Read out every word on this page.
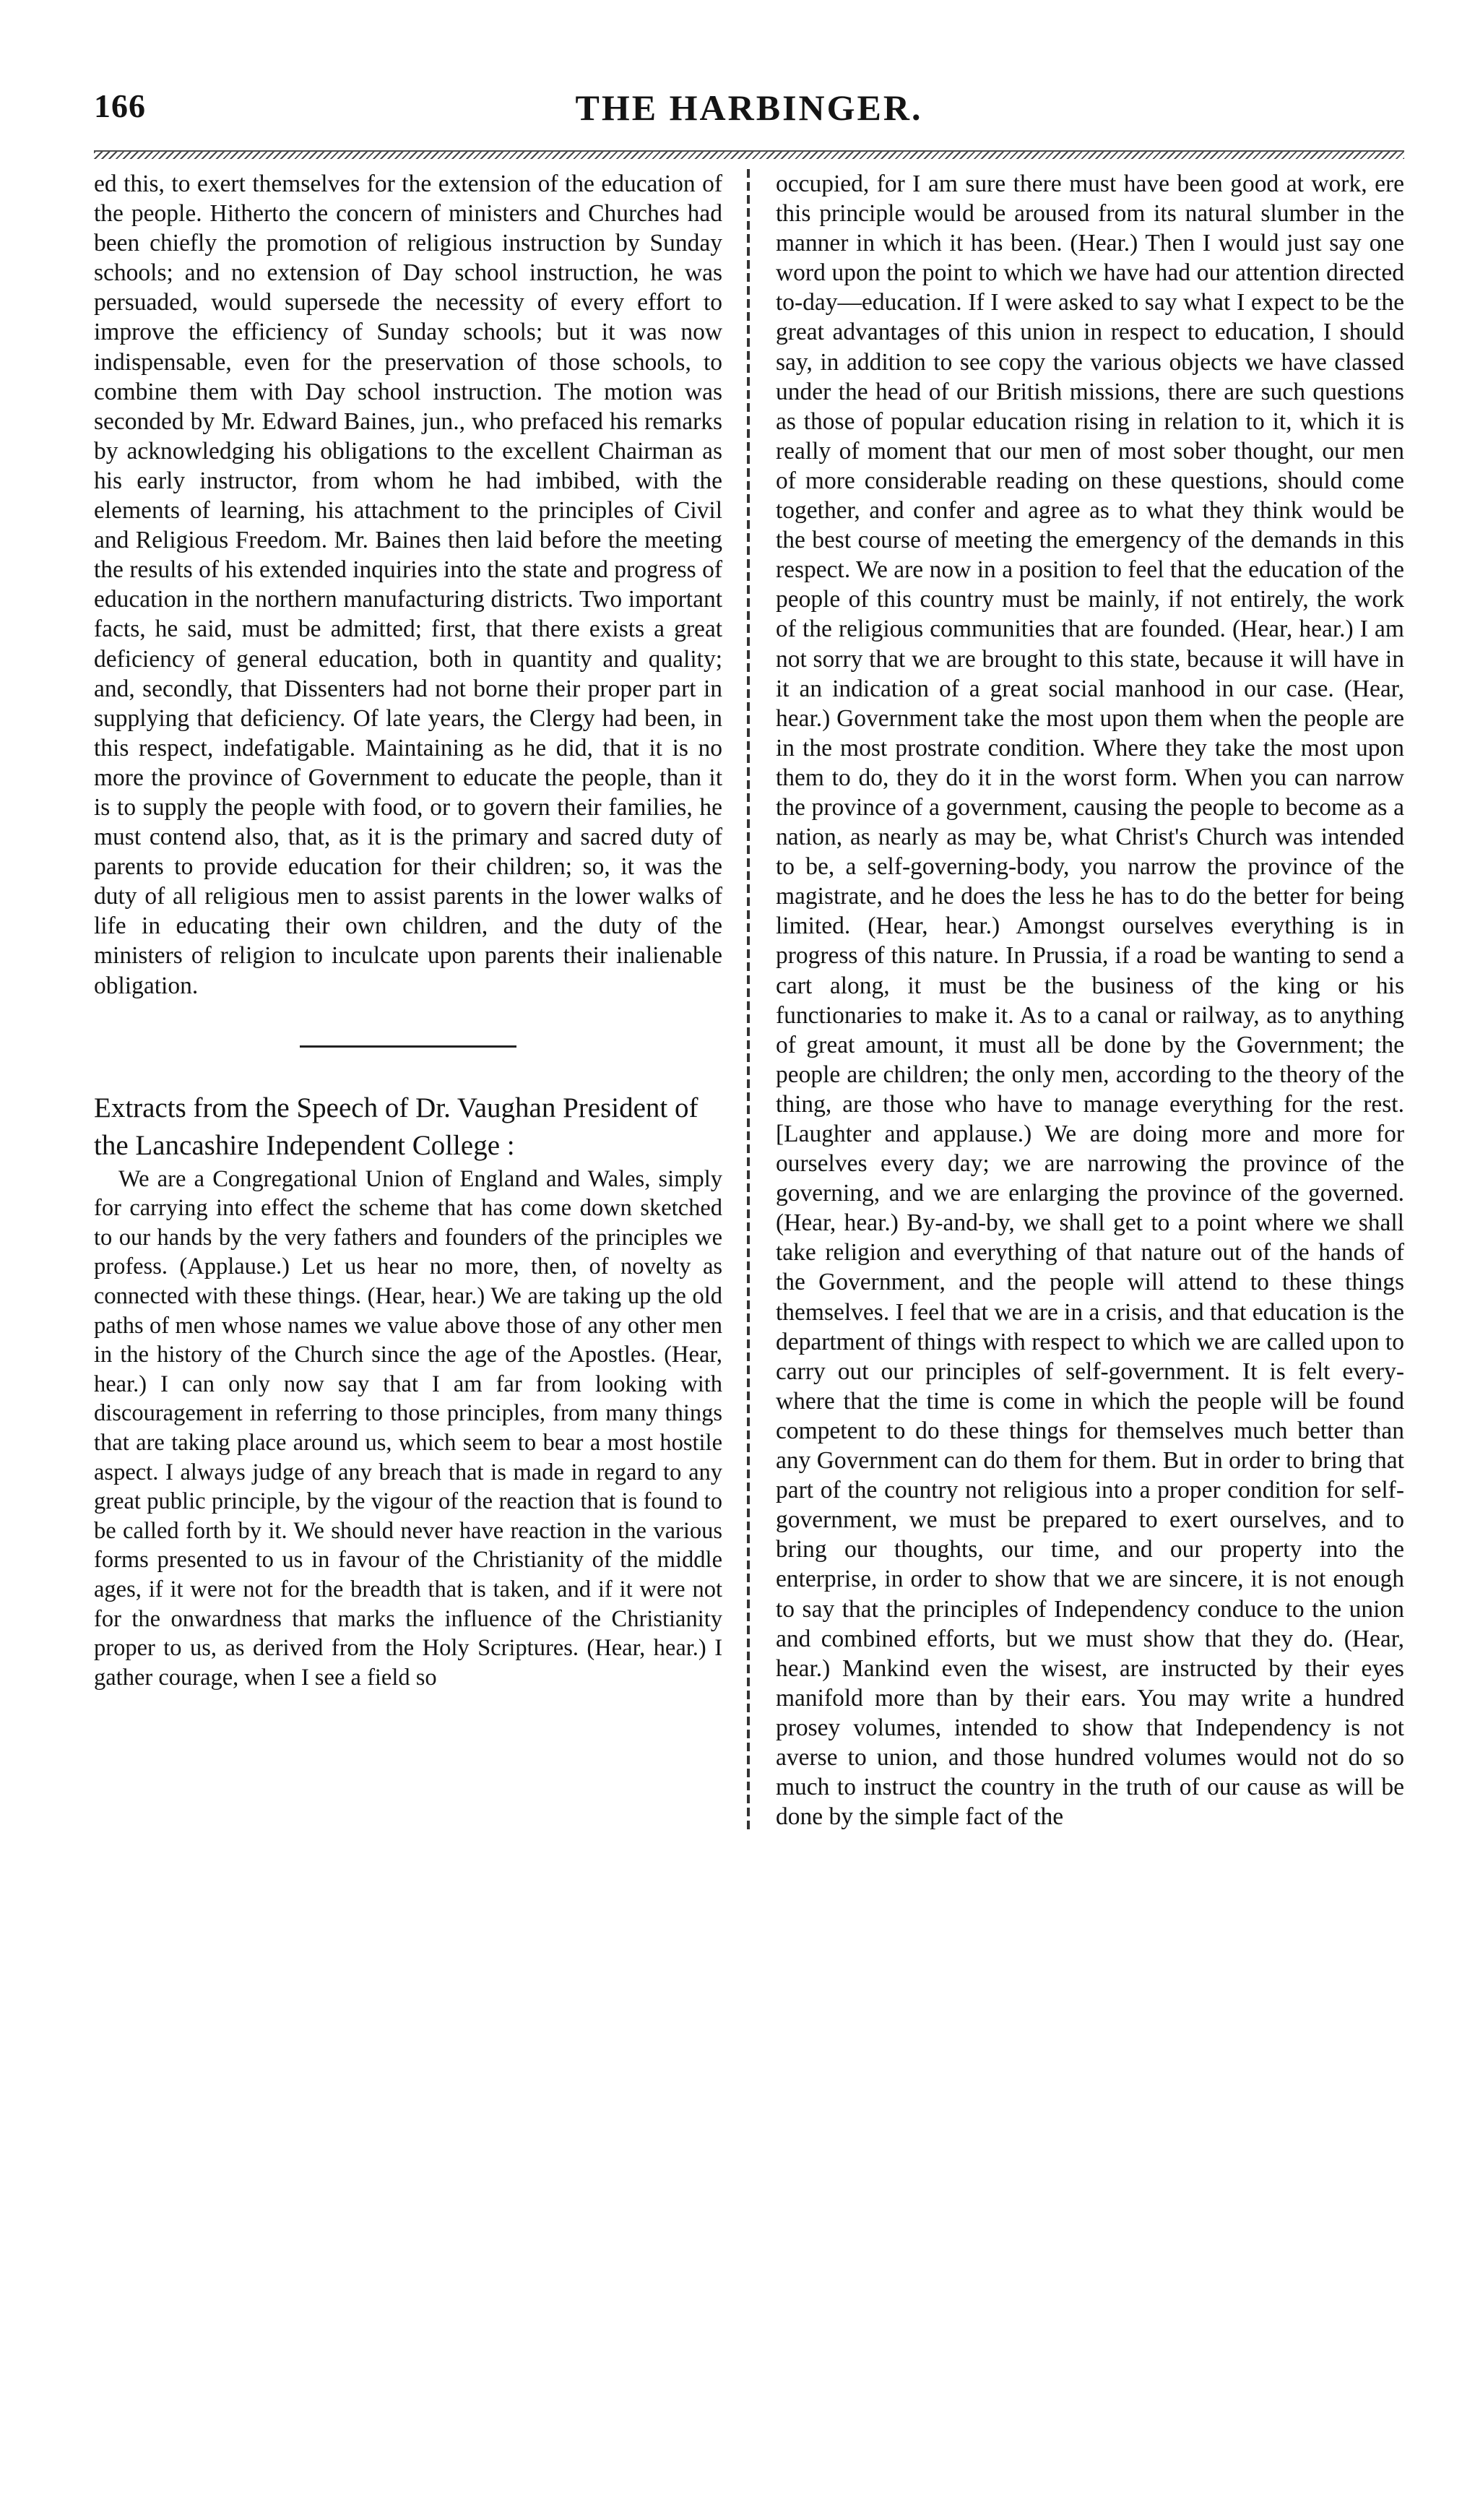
166	THE HARBINGER.

ed this, to exert themselves for the extension of the education of the people. Hitherto the concern of ministers and Churches had been chiefly the promotion of religious instruction by Sunday schools; and no extension of Day school instruction, he was persuaded, would supersede the necessity of every effort to improve the efficiency of Sunday schools; but it was now indispensable, even for the preservation of those schools, to combine them with Day school instruction. The motion was seconded by Mr. Edward Baines, jun., who prefaced his remarks by acknowledging his obligations to the excellent Chairman as his early instructor, from whom he had imbibed, with the elements of learning, his attachment to the principles of Civil and Religious Freedom. Mr. Baines then laid before the meeting the results of his extended inquiries into the state and progress of education in the northern manufacturing districts. Two important facts, he said, must be admitted; first, that there exists a great deficiency of general education, both in quantity and quality; and, secondly, that Dissenters had not borne their proper part in supplying that deficiency. Of late years, the Clergy had been, in this respect, indefatigable. Maintaining as he did, that it is no more the province of Government to educate the people, than it is to supply the people with food, or to govern their families, he must contend also, that, as it is the primary and sacred duty of parents to provide education for their children; so, it was the duty of all religious men to assist parents in the lower walks of life in educating their own children, and the duty of the ministers of religion to inculcate upon parents their inalienable obligation.

Extracts from the Speech of Dr. Vaughan President of the Lancashire Independent College :

We are a Congregational Union of England and Wales, simply for carrying into effect the scheme that has come down sketched to our hands by the very fathers and founders of the principles we profess. (Applause.) Let us hear no more, then, of novelty as connected with these things. (Hear, hear.) We are taking up the old paths of men whose names we value above those of any other men in the history of the Church since the age of the Apostles. (Hear, hear.) I can only now say that I am far from looking with discouragement in referring to those principles, from many things that are taking place around us, which seem to bear a most hostile aspect. I always judge of any breach that is made in regard to any great public principle, by the vigour of the reaction that is found to be called forth by it. We should never have reaction in the various forms presented to us in favour of the Christianity of the middle ages, if it were not for the breadth that is taken, and if it were not for the onwardness that marks the influence of the Christianity proper to us, as derived from the Holy Scriptures. (Hear, hear.) I gather courage, when I see a field so

occupied, for I am sure there must have been good at work, ere this principle would be aroused from its natural slumber in the manner in which it has been. (Hear.) Then I would just say one word upon the point to which we have had our attention directed to-day—education. If I were asked to say what I expect to be the great advantages of this union in respect to education, I should say, in addition to see copy the various objects we have classed under the head of our British missions, there are such questions as those of popular education rising in relation to it, which it is really of moment that our men of most sober thought, our men of more considerable reading on these questions, should come together, and confer and agree as to what they think would be the best course of meeting the emergency of the demands in this respect. We are now in a position to feel that the education of the people of this country must be mainly, if not entirely, the work of the religious communities that are founded. (Hear, hear.) I am not sorry that we are brought to this state, because it will have in it an indication of a great social manhood in our case. (Hear, hear.) Government take the most upon them when the people are in the most prostrate condition. Where they take the most upon them to do, they do it in the worst form. When you can narrow the province of a government, causing the people to become as a nation, as nearly as may be, what Christ's Church was intended to be, a self-governing-body, you narrow the province of the magistrate, and he does the less he has to do the better for being limited. (Hear, hear.) Amongst ourselves everything is in progress of this nature. In Prussia, if a road be wanting to send a cart along, it must be the business of the king or his functionaries to make it. As to a canal or railway, as to anything of great amount, it must all be done by the Government; the people are children; the only men, according to the theory of the thing, are those who have to manage everything for the rest. [Laughter and applause.) We are doing more and more for ourselves every day; we are narrowing the province of the governing, and we are enlarging the province of the governed. (Hear, hear.) By-and-by, we shall get to a point where we shall take religion and everything of that nature out of the hands of the Government, and the people will attend to these things themselves. I feel that we are in a crisis, and that education is the department of things with respect to which we are called upon to carry out our principles of self-government. It is felt every-where that the time is come in which the people will be found competent to do these things for themselves much better than any Government can do them for them. But in order to bring that part of the country not religious into a proper condition for self-government, we must be prepared to exert ourselves, and to bring our thoughts, our time, and our property into the enterprise, in order to show that we are sincere, it is not enough to say that the principles of Independency conduce to the union and combined efforts, but we must show that they do. (Hear, hear.) Mankind even the wisest, are instructed by their eyes manifold more than by their ears. You may write a hundred prosey volumes, intended to show that Independency is not averse to union, and those hundred volumes would not do so much to instruct the country in the truth of our cause as will be done by the simple fact of the
